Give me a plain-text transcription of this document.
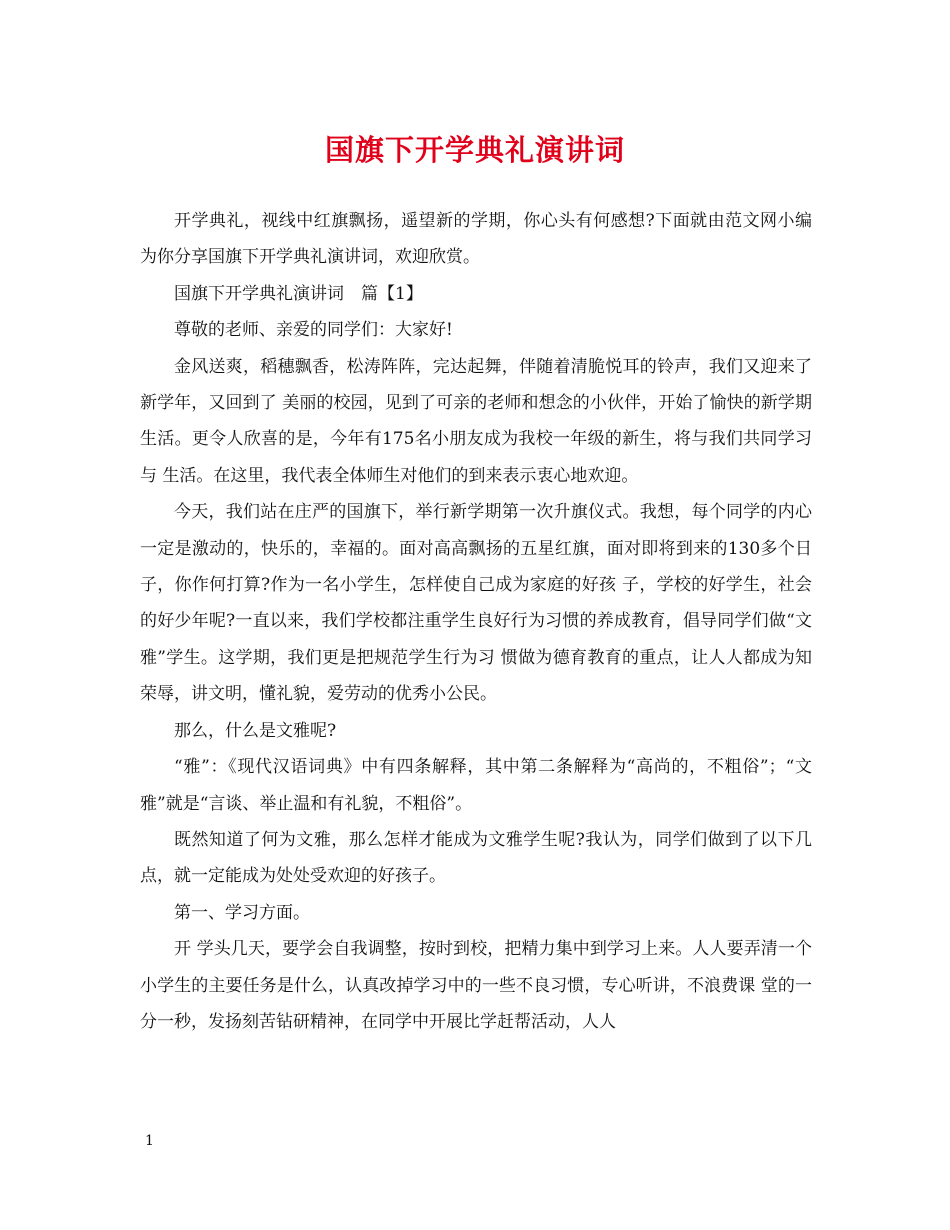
国旗下开学典礼演讲词

开学典礼，视线中红旗飘扬，遥望新的学期，你心头有何感想?下面就由范文网小编为你分享国旗下开学典礼演讲词，欢迎欣赏。

国旗下开学典礼演讲词　篇【1】

尊敬的老师、亲爱的同学们：大家好!

金风送爽，稻穗飘香，松涛阵阵，完达起舞，伴随着清脆悦耳的铃声，我们又迎来了新学年，又回到了 美丽的校园，见到了可亲的老师和想念的小伙伴，开始了愉快的新学期生活。更令人欣喜的是，今年有175名小朋友成为我校一年级的新生，将与我们共同学习与 生活。在这里，我代表全体师生对他们的到来表示衷心地欢迎。

今天，我们站在庄严的国旗下，举行新学期第一次升旗仪式。我想，每个同学的内心一定是激动的，快乐的，幸福的。面对高高飘扬的五星红旗，面对即将到来的130多个日子，你作何打算?作为一名小学生，怎样使自己成为家庭的好孩 子，学校的好学生，社会的好少年呢?一直以来，我们学校都注重学生良好行为习惯的养成教育，倡导同学们做“文雅”学生。这学期，我们更是把规范学生行为习 惯做为德育教育的重点，让人人都成为知荣辱，讲文明，懂礼貌，爱劳动的优秀小公民。

那么，什么是文雅呢?

“雅”：《现代汉语词典》中有四条解释，其中第二条解释为“高尚的，不粗俗”；“文雅”就是“言谈、举止温和有礼貌，不粗俗”。

既然知道了何为文雅，那么怎样才能成为文雅学生呢?我认为，同学们做到了以下几点，就一定能成为处处受欢迎的好孩子。

第一、学习方面。

开 学头几天，要学会自我调整，按时到校，把精力集中到学习上来。人人要弄清一个小学生的主要任务是什么，认真改掉学习中的一些不良习惯，专心听讲，不浪费课 堂的一分一秒，发扬刻苦钻研精神，在同学中开展比学赶帮活动，人人

1
